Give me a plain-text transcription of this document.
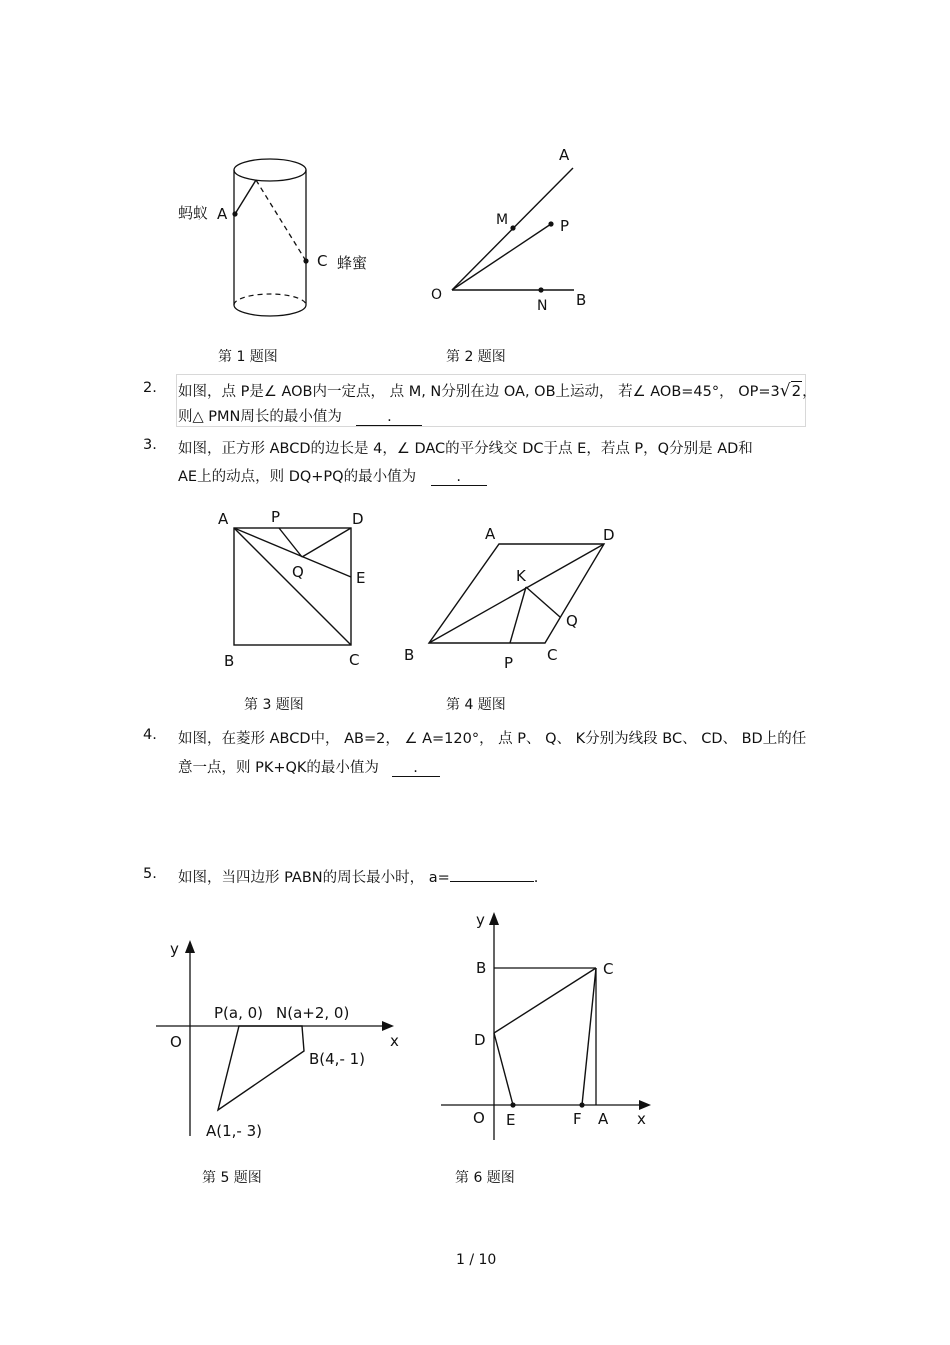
蚂蚁 A
C 蜂蜜
第 1 题图
A
M	P
O
N B
第 2 题图
2. 如图，点 P是∠ AOB内一定点， 点 M, N分别在边 OA, OB上运动， 若∠ AOB=45°， OP=3√2，
则△ PMN周长的最小值为	.
3. 如图，正方形 ABCD的边长是 4，∠ DAC的平分线交 DC于点 E，若点 P，Q分别是 AD和
AE上的动点，则 DQ+PQ的最小值为	.
A	P	D
Q	E
B	C
第 3 题图
A	D
K
Q
B	P C
第 4 题图
4. 如图，在菱形 ABCD中， AB=2， ∠ A=120°， 点 P、 Q、 K分别为线段 BC、 CD、 BD上的任
意一点，则 PK+QK的最小值为 .
5. 如图，当四边形 PABN的周长最小时， a=	.
y
x
O
P(a, 0) N(a+2, 0)
B(4,- 1)
A(1,- 3)
第 5 题图
y
x
B	C
D
O E	F A
第 6 题图
1 / 10
